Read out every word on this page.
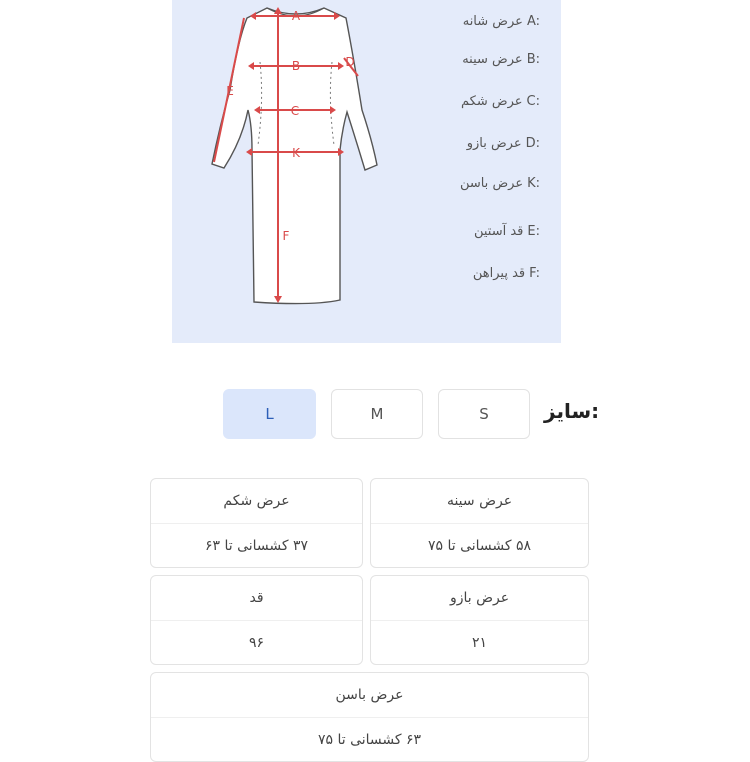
A
B
C
D
K
E
F
A:عرض شانه
B:عرض سینه
C:عرض شکم
D:عرض بازو
K:عرض باسن
E:قد آستین
F:قد پیراهن
سایز:
S
M
L
عرض سینه
۵۸ کشسانی تا ۷۵
عرض شکم
۳۷ کشسانی تا ۶۳
عرض بازو
۲۱
قد
۹۶
عرض باسن
۶۳ کشسانی تا ۷۵
